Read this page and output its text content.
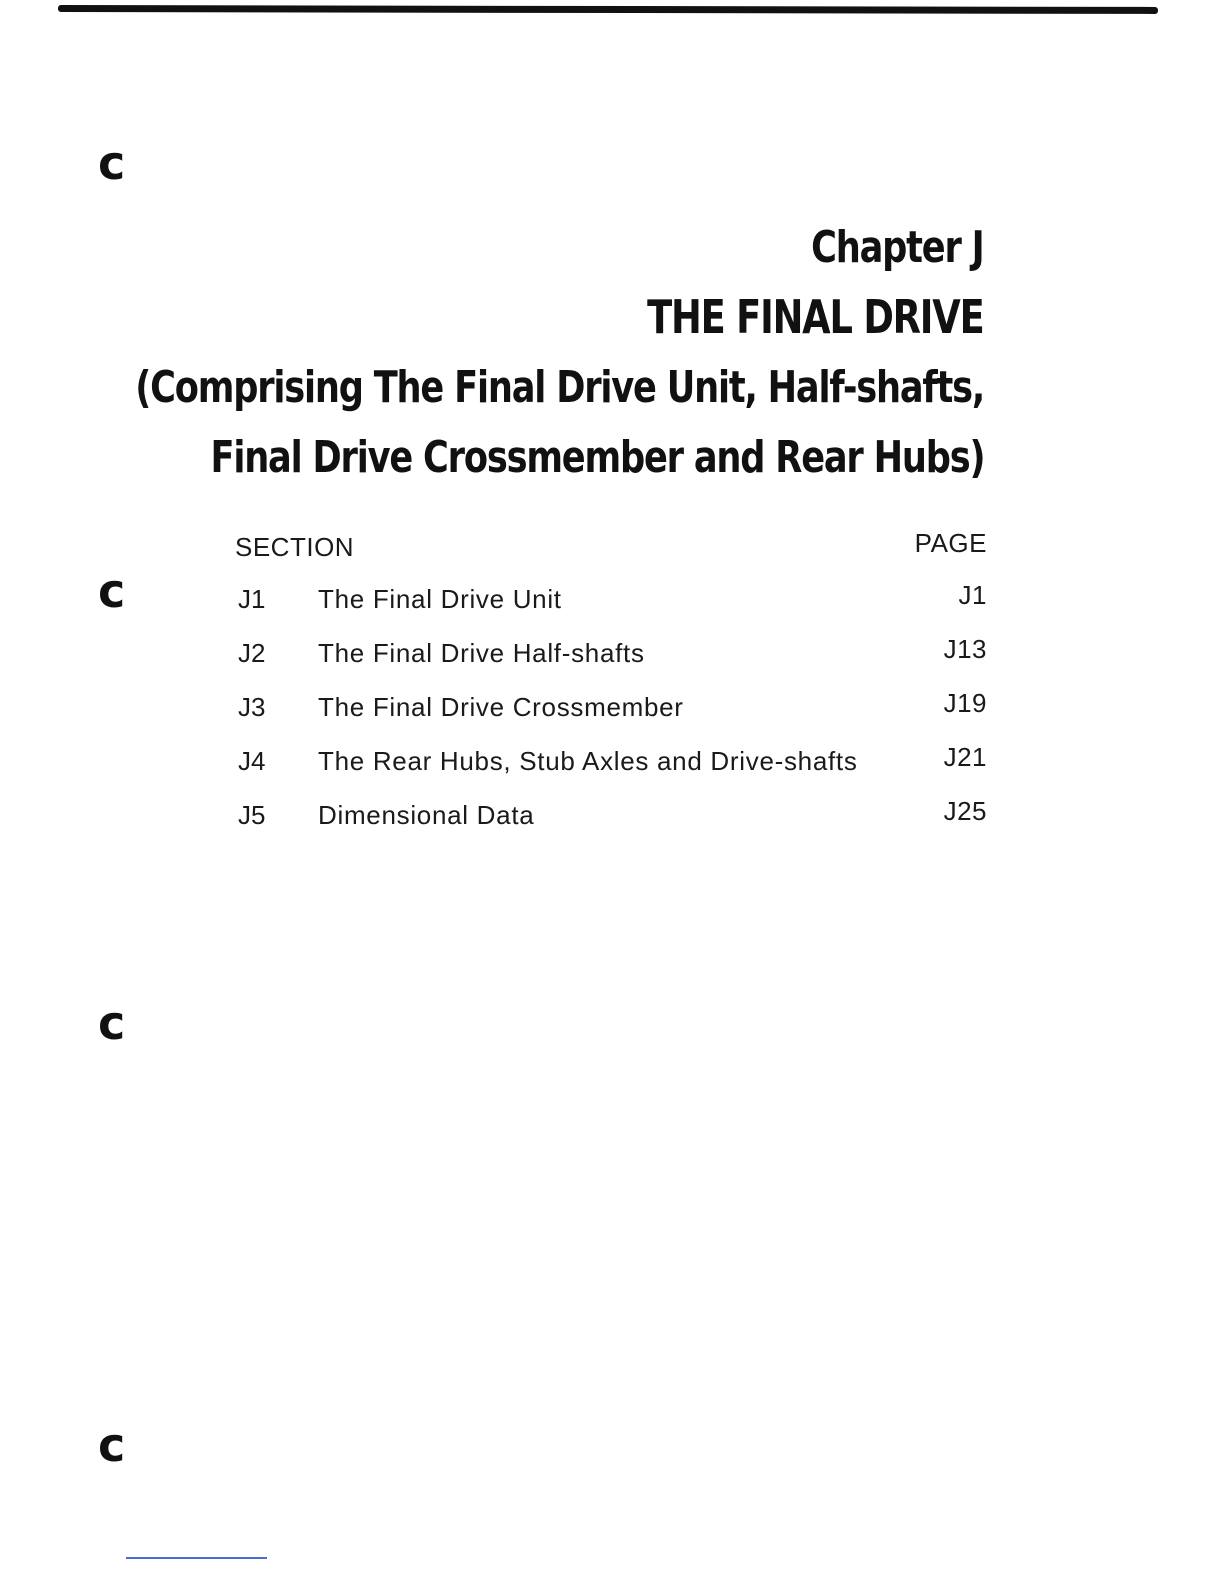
c
c
c
c
Chapter J
THE FINAL DRIVE
(Comprising The Final Drive Unit, Half-shafts,
Final Drive Crossmember and Rear Hubs)
SECTION	PAGE
J1 The Final Drive Unit	J1
J2 The Final Drive Half-shafts	J13
J3 The Final Drive Crossmember	J19
J4 The Rear Hubs, Stub Axles and Drive-shafts	J21
J5 Dimensional Data	J25
